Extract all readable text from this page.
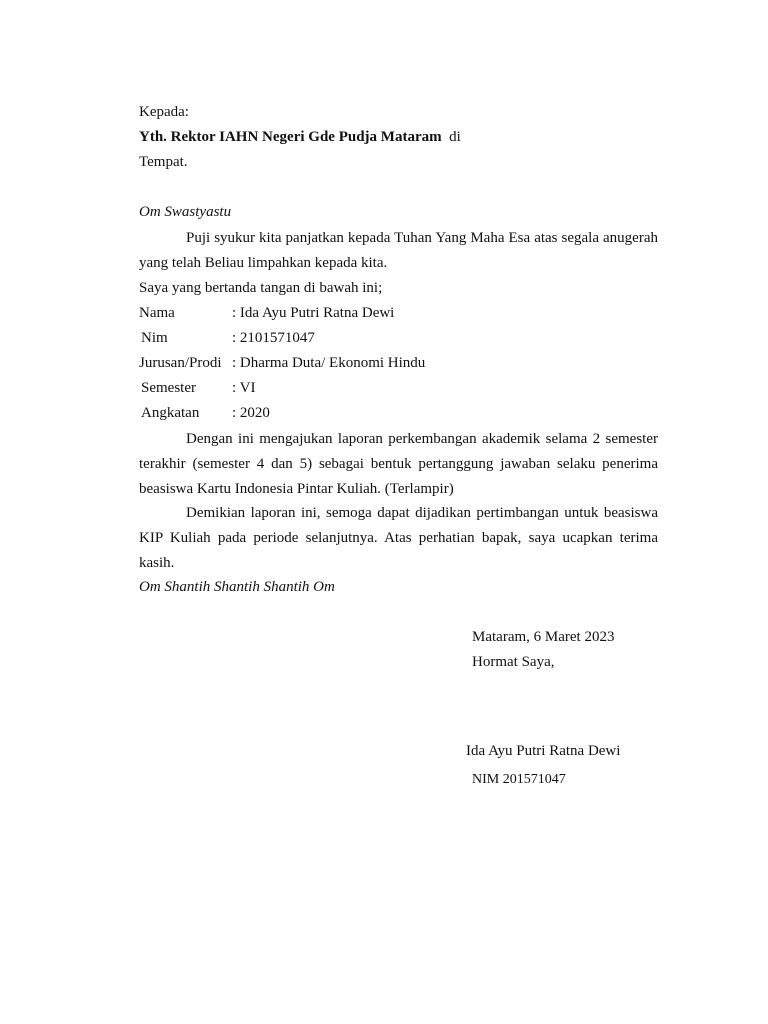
Kepada:
Yth. Rektor IAHN Negeri Gde Pudja Mataram di
Tempat.
Om Swastyastu
Puji syukur kita panjatkan kepada Tuhan Yang Maha Esa atas segala anugerah yang telah Beliau limpahkan kepada kita.
Saya yang bertanda tangan di bawah ini;
Nama	: Ida Ayu Putri Ratna Dewi
Nim	: 2101571047
Jurusan/Prodi : Dharma Duta/ Ekonomi Hindu
Semester : VI
Angkatan : 2020
Dengan ini mengajukan laporan perkembangan akademik selama 2 semester terakhir (semester 4 dan 5) sebagai bentuk pertanggung jawaban selaku penerima beasiswa Kartu Indonesia Pintar Kuliah. (Terlampir)
Demikian laporan ini, semoga dapat dijadikan pertimbangan untuk beasiswa KIP Kuliah pada periode selanjutnya. Atas perhatian bapak, saya ucapkan terima kasih.
Om Shantih Shantih Shantih Om
Mataram, 6 Maret 2023
Hormat Saya,
Ida Ayu Putri Ratna Dewi
NIM 201571047
